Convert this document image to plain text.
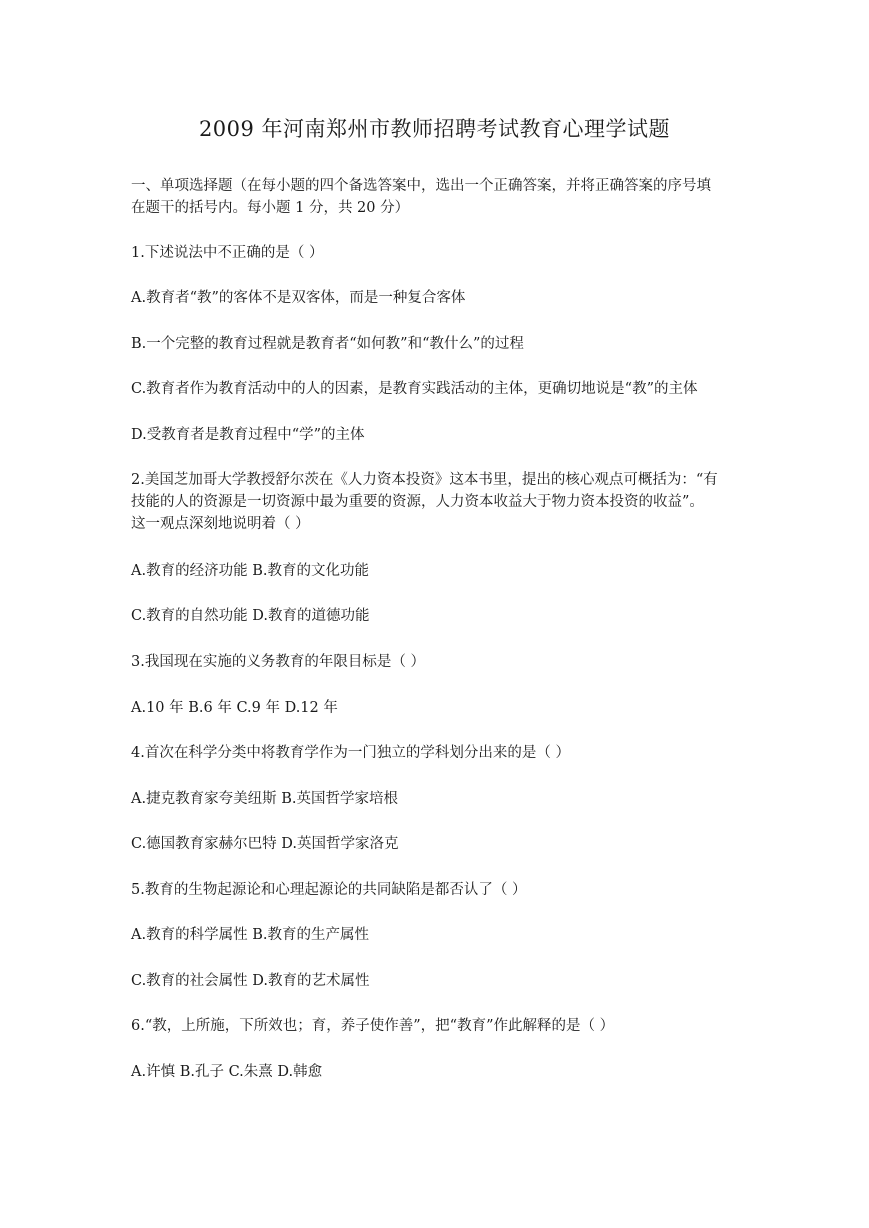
2009 年河南郑州市教师招聘考试教育心理学试题
一、单项选择题（在每小题的四个备选答案中，选出一个正确答案，并将正确答案的序号填
在题干的括号内。每小题 1 分，共 20 分）
1.下述说法中不正确的是（ ）
A.教育者“教”的客体不是双客体，而是一种复合客体
B.一个完整的教育过程就是教育者“如何教”和“教什么”的过程
C.教育者作为教育活动中的人的因素，是教育实践活动的主体，更确切地说是“教”的主体
D.受教育者是教育过程中“学”的主体
2.美国芝加哥大学教授舒尔茨在《人力资本投资》这本书里，提出的核心观点可概括为：“有
技能的人的资源是一切资源中最为重要的资源，人力资本收益大于物力资本投资的收益”。
这一观点深刻地说明着（ ）
A.教育的经济功能 B.教育的文化功能
C.教育的自然功能 D.教育的道德功能
3.我国现在实施的义务教育的年限目标是（ ）
A.10 年 B.6 年 C.9 年 D.12 年
4.首次在科学分类中将教育学作为一门独立的学科划分出来的是（ ）
A.捷克教育家夸美纽斯 B.英国哲学家培根
C.德国教育家赫尔巴特 D.英国哲学家洛克
5.教育的生物起源论和心理起源论的共同缺陷是都否认了（ ）
A.教育的科学属性 B.教育的生产属性
C.教育的社会属性 D.教育的艺术属性
6.“教，上所施，下所效也；育，养子使作善”，把“教育”作此解释的是（ ）
A.许慎 B.孔子 C.朱熹 D.韩愈
